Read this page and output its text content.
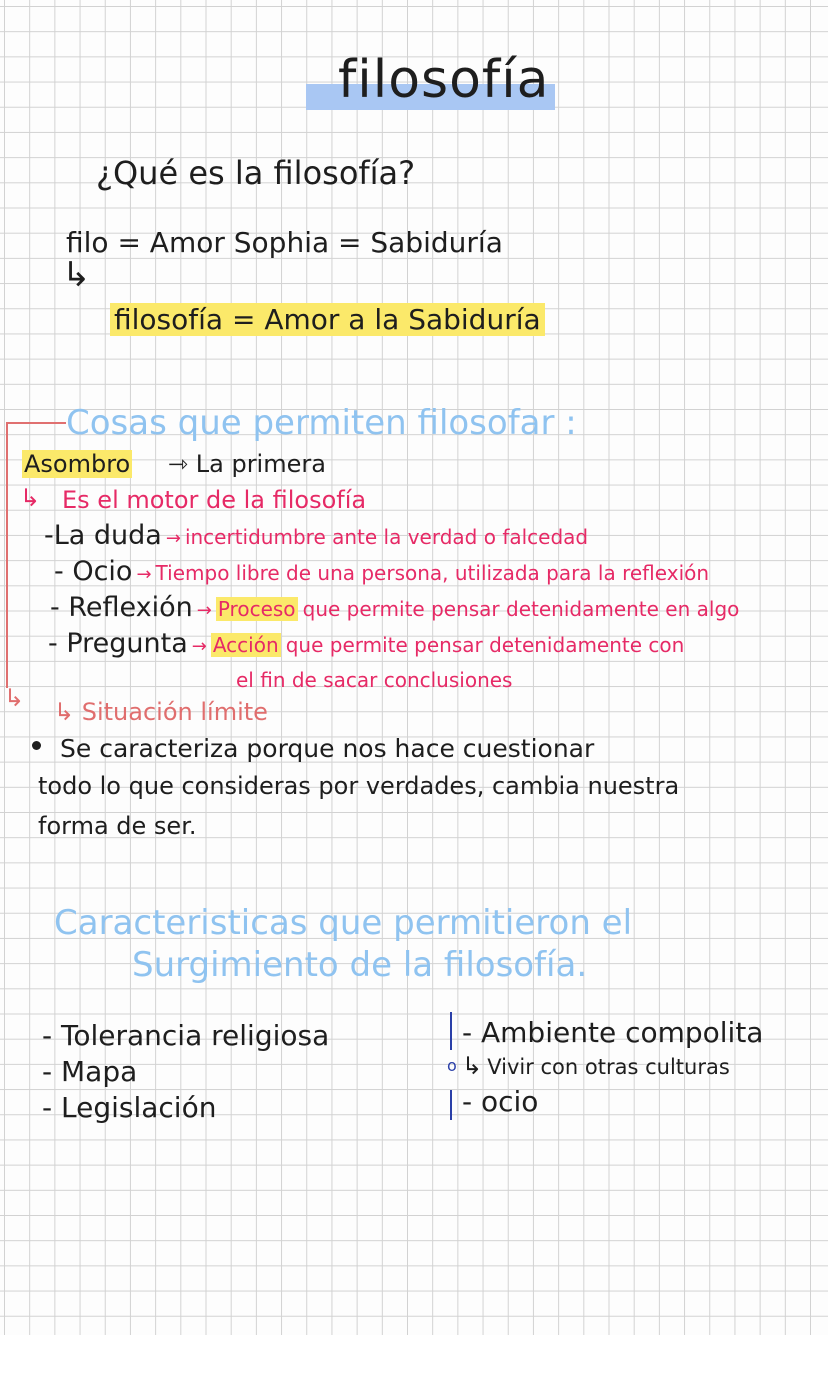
filosofía
¿Qué es la filosofía?
filo = Amor Sophia = Sabiduría
↳
filosofía = Amor a la Sabiduría
↳
Cosas que permiten filosofar :
Asombro ⇾ La primera
↳ Es el motor de la filosofía
-La duda → incertidumbre ante la verdad o falcedad
- Ocio → Tiempo libre de una persona, utilizada para la reflexión
- Reflexión → Proceso que permite pensar detenidamente en algo
- Pregunta → Acción que permite pensar detenidamente con
el fin de sacar conclusiones
↳ Situación límite
Se caracteriza porque nos hace cuestionar
todo lo que consideras por verdades, cambia nuestra
forma de ser.
Caracteristicas que permitieron el
Surgimiento de la filosofía.
- Tolerancia religiosa
- Mapa
- Legislación
o
- Ambiente compolita
↳ Vivir con otras culturas
- ocio
